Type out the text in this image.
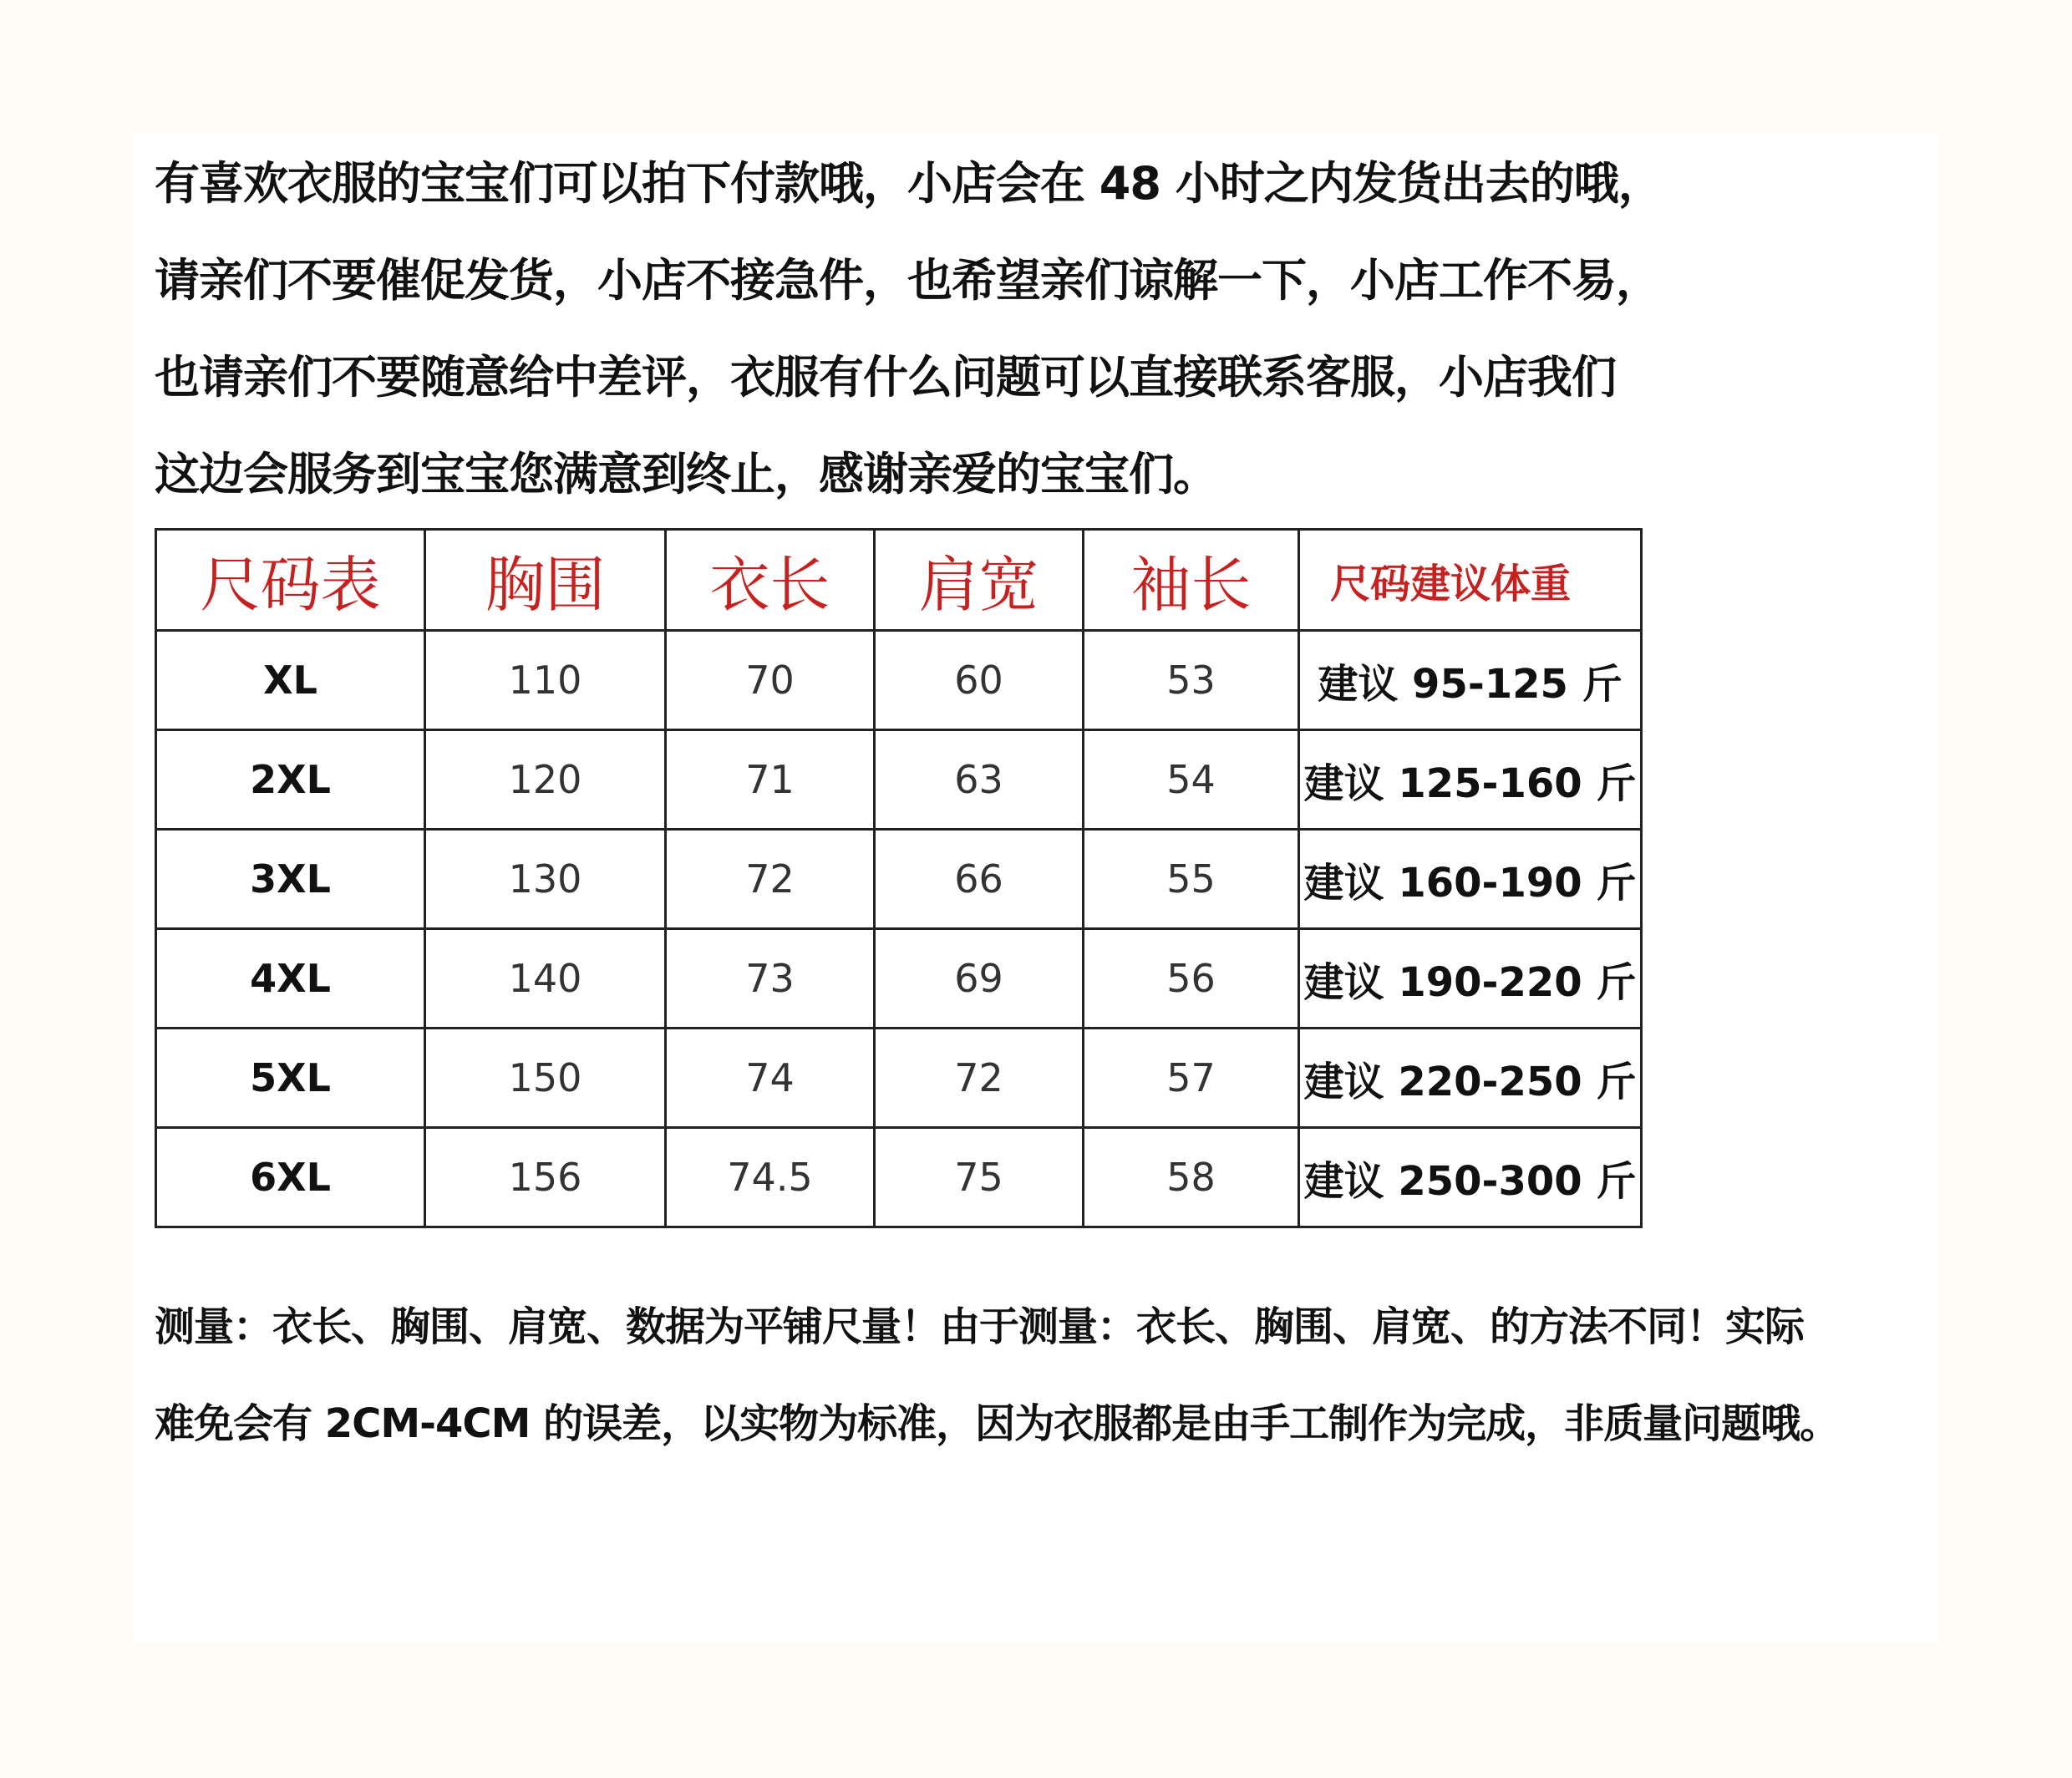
有喜欢衣服的宝宝们可以拍下付款哦，小店会在 48 小时之内发货出去的哦，

请亲们不要催促发货，小店不接急件，也希望亲们谅解一下，小店工作不易，

也请亲们不要随意给中差评，衣服有什么问题可以直接联系客服，小店我们

这边会服务到宝宝您满意到终止，感谢亲爱的宝宝们。

尺码表	胸围	衣长	肩宽	袖长	尺码建议体重
XL	110	70	60	53	建议 95-125 斤
2XL	120	71	63	54	建议 125-160 斤
3XL	130	72	66	55	建议 160-190 斤
4XL	140	73	69	56	建议 190-220 斤
5XL	150	74	72	57	建议 220-250 斤
6XL	156	74.5	75	58	建议 250-300 斤

测量：衣长、胸围、肩宽、数据为平铺尺量！由于测量：衣长、胸围、肩宽、的方法不同！实际

难免会有 2CM-4CM 的误差，以实物为标准，因为衣服都是由手工制作为完成，非质量问题哦。
